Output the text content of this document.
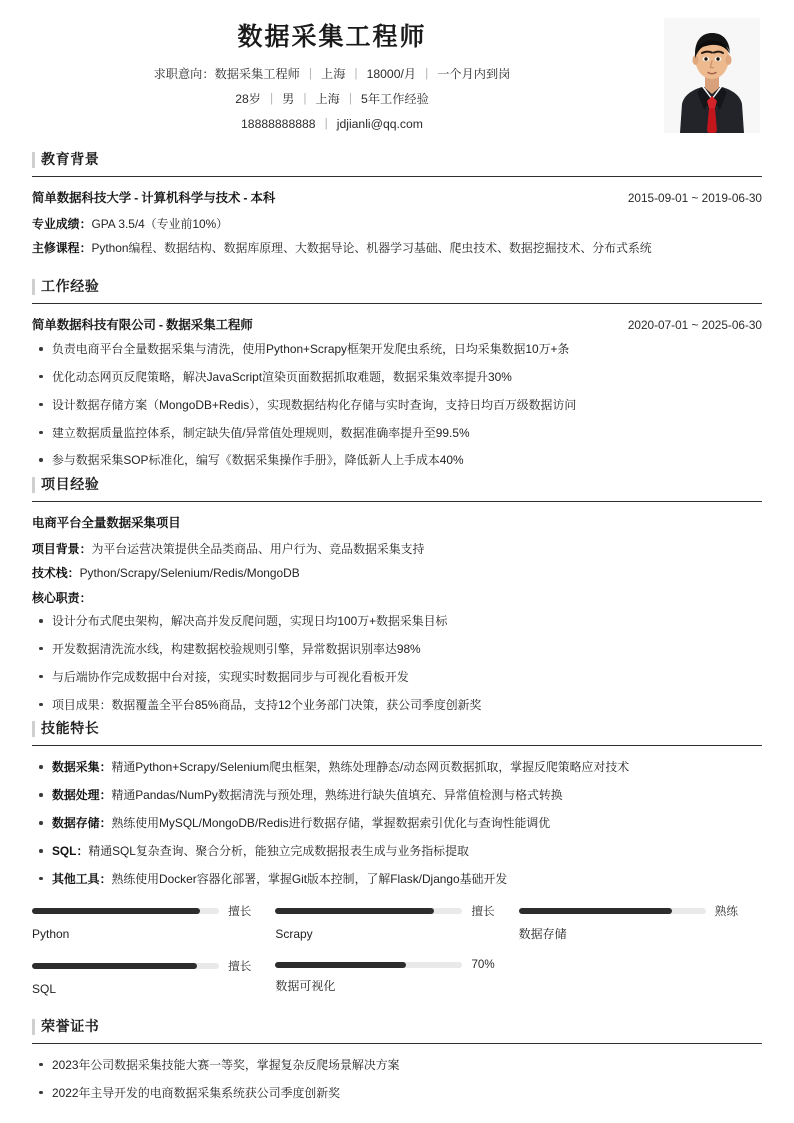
数据采集工程师
求职意向：数据采集工程师 | 上海 | 18000/月 | 一个月内到岗
28岁 | 男 | 上海 | 5年工作经验
18888888888 | jdjianli@qq.com
教育背景
简单数据科技大学 - 计算机科学与技术 - 本科	2015-09-01 ~ 2019-06-30
专业成绩：GPA 3.5/4（专业前10%）
主修课程：Python编程、数据结构、数据库原理、大数据导论、机器学习基础、爬虫技术、数据挖掘技术、分布式系统
工作经验
简单数据科技有限公司 - 数据采集工程师	2020-07-01 ~ 2025-06-30
负责电商平台全量数据采集与清洗，使用Python+Scrapy框架开发爬虫系统，日均采集数据10万+条
优化动态网页反爬策略，解决JavaScript渲染页面数据抓取难题，数据采集效率提升30%
设计数据存储方案（MongoDB+Redis），实现数据结构化存储与实时查询，支持日均百万级数据访问
建立数据质量监控体系，制定缺失值/异常值处理规则，数据准确率提升至99.5%
参与数据采集SOP标准化，编写《数据采集操作手册》，降低新人上手成本40%
项目经验
电商平台全量数据采集项目
项目背景：为平台运营决策提供全品类商品、用户行为、竞品数据采集支持
技术栈：Python/Scrapy/Selenium/Redis/MongoDB
核心职责：
设计分布式爬虫架构，解决高并发反爬问题，实现日均100万+数据采集目标
开发数据清洗流水线，构建数据校验规则引擎，异常数据识别率达98%
与后端协作完成数据中台对接，实现实时数据同步与可视化看板开发
项目成果：数据覆盖全平台85%商品，支持12个业务部门决策，获公司季度创新奖
技能特长
数据采集：精通Python+Scrapy/Selenium爬虫框架，熟练处理静态/动态网页数据抓取，掌握反爬策略应对技术
数据处理：精通Pandas/NumPy数据清洗与预处理，熟练进行缺失值填充、异常值检测与格式转换
数据存储：熟练使用MySQL/MongoDB/Redis进行数据存储，掌握数据索引优化与查询性能调优
SQL：精通SQL复杂查询、聚合分析，能独立完成数据报表生成与业务指标提取
其他工具：熟练使用Docker容器化部署，掌握Git版本控制，了解Flask/Django基础开发
擅长
Python
擅长
Scrapy
熟练
数据存储
擅长
SQL
70%
数据可视化
荣誉证书
2023年公司数据采集技能大赛一等奖，掌握复杂反爬场景解决方案
2022年主导开发的电商数据采集系统获公司季度创新奖
